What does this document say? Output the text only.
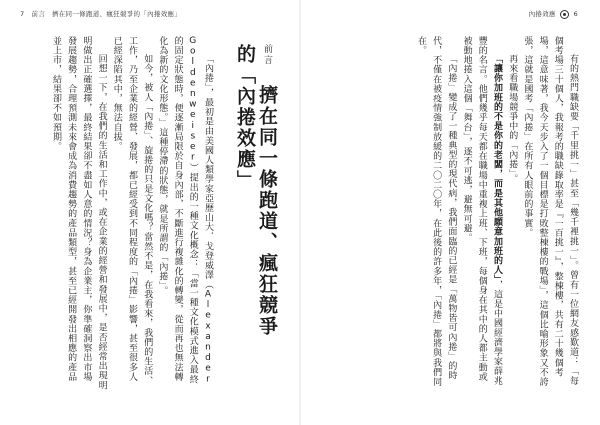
7 前言　擠在同一條跑道、瘋狂競爭的「內捲效應」	內捲效應	6
前言 擠在同一條跑道、瘋狂競爭的「內捲效應」

「內捲」，最初是由美國人類學家亞歷山大．戈登威澤（Alexander Goldenweiser）提出的一種文化概念：「當一種文化模式進入最終的固定狀態時，便逐漸局限於自身內部，不斷進行複雜化的轉變，從而再也無法轉化為新的文化形態。」這種停滯的狀態，就是所謂的「內捲」。

如今，被人「內捲」、旋捲的只是文化嗎？當然不是，在我看來，我們的生活、工作，乃至企業的經營、發展，都已經受到不同程度的「內捲」影響，甚至很多人已經深陷其中，無法自拔。

回想一下，在我們的生活和工作中，或在企業的經營和發展中，是否經常出現明明做出正確選擇，最終結果卻不盡如人意的情況？身為企業主，你準確洞察出市場發展趨勢，合理預測未來會成為消費趨勢的產品類型，甚至已經開發出相應的產品並上市，結果卻不如預期。	有的熱門職缺要「千里挑一」甚至「幾千裡挑一」。曾有一位網友感歎道：「每個考場三十個人，我報考的職缺錄取率是『一百挑一』，整棟樓，共有二十幾個考場，這意味著，我今天步入了一個目標是打敗整棟樓的戰場」，這個比喻形象又不誇張，這就是國考「內捲」在所有人眼前的事實。

再來看職場競爭中的「內捲」。

「讓你加班的不是你的老闆，而是其他願意加班的人」，這是中國經濟學家薛兆豐的名言。他們幾乎每天都在職場中重複上班、下班，每個身在其中的人都主動或被動地捲入這個「舞台」，逐不可逃，避無可避。

「內捲」變成了一種典型的現代病，我們面臨的已經是「萬物皆可內捲」的時代，不僅在被疫情強制放緩的二〇二〇年，在此後的許多年，「內捲」都將與我們同在。
